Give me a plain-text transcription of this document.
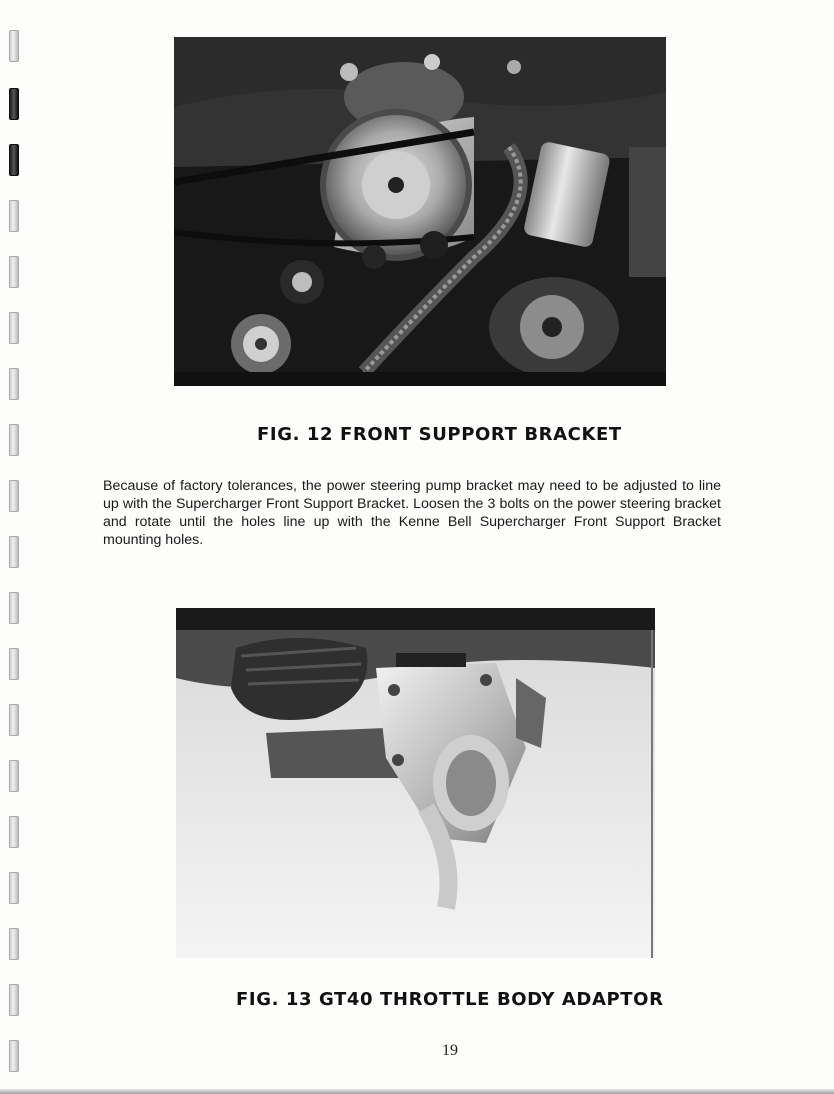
FIG. 12 FRONT SUPPORT BRACKET

Because of factory tolerances, the power steering pump bracket may need to be adjusted to line up with the Supercharger Front Support Bracket. Loosen the 3 bolts on the power steering bracket and rotate until the holes line up with the Kenne Bell Supercharger Front Support Bracket mounting holes.

FIG. 13 GT40 THROTTLE BODY ADAPTOR

19
